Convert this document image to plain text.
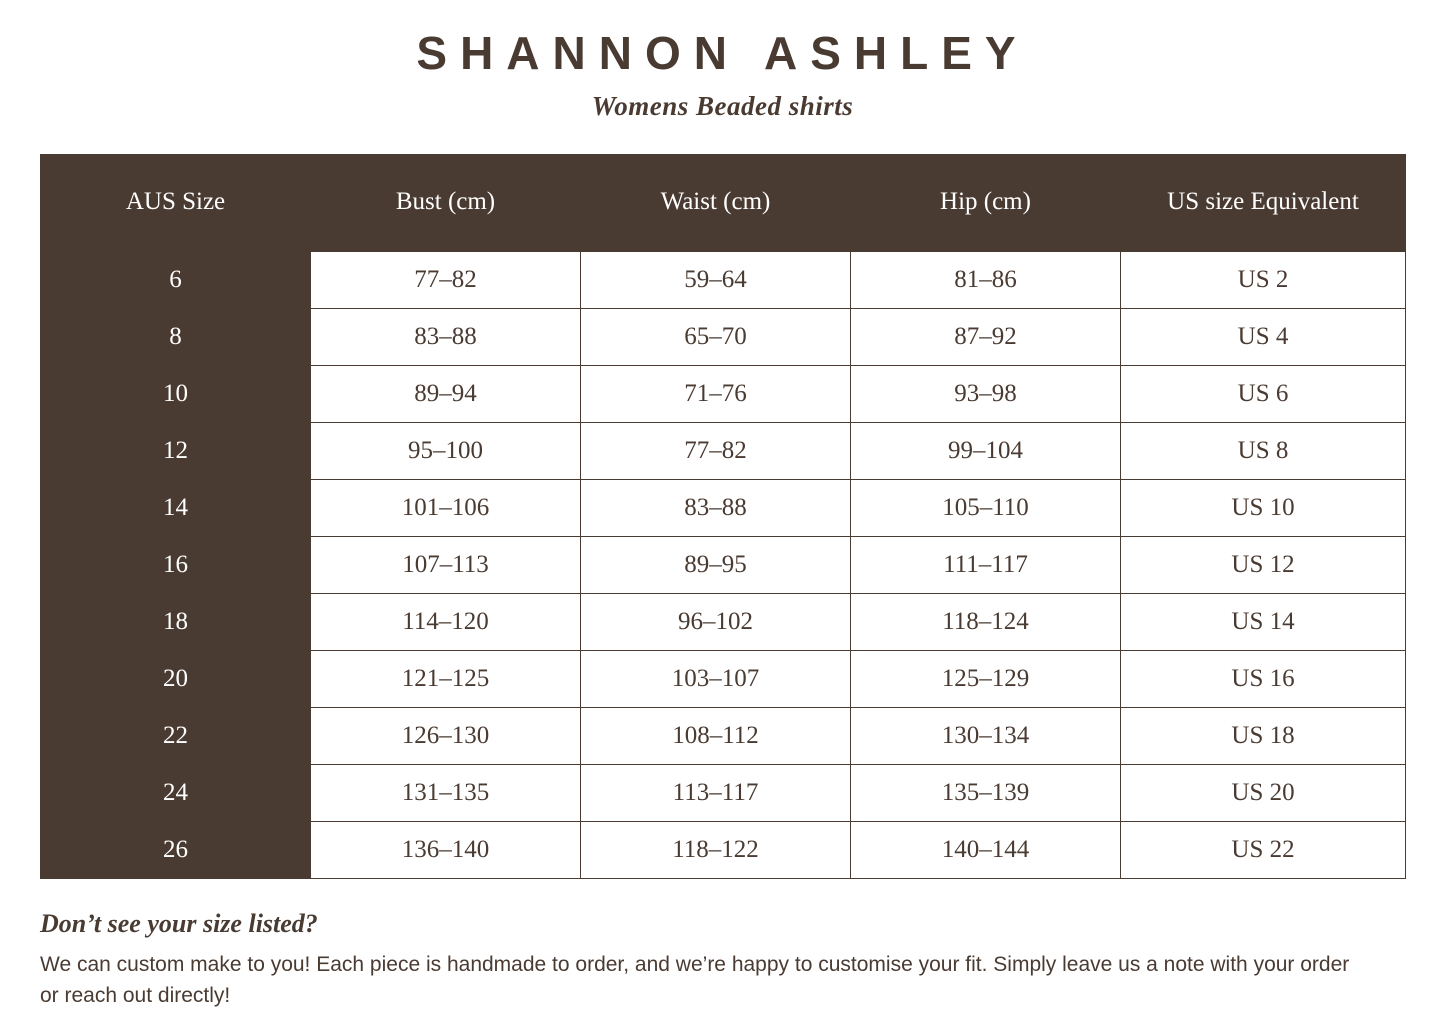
SHANNON ASHLEY
Womens Beaded shirts
AUS Size	Bust (cm)	Waist (cm)	Hip (cm)	US size Equivalent
6	77–82	59–64	81–86	US 2
8	83–88	65–70	87–92	US 4
10	89–94	71–76	93–98	US 6
12	95–100	77–82	99–104	US 8
14	101–106	83–88	105–110	US 10
16	107–113	89–95	111–117	US 12
18	114–120	96–102	118–124	US 14
20	121–125	103–107	125–129	US 16
22	126–130	108–112	130–134	US 18
24	131–135	113–117	135–139	US 20
26	136–140	118–122	140–144	US 22
Don’t see your size listed?
We can custom make to you! Each piece is handmade to order, and we’re happy to customise your fit. Simply leave us a note with your order or reach out directly!
